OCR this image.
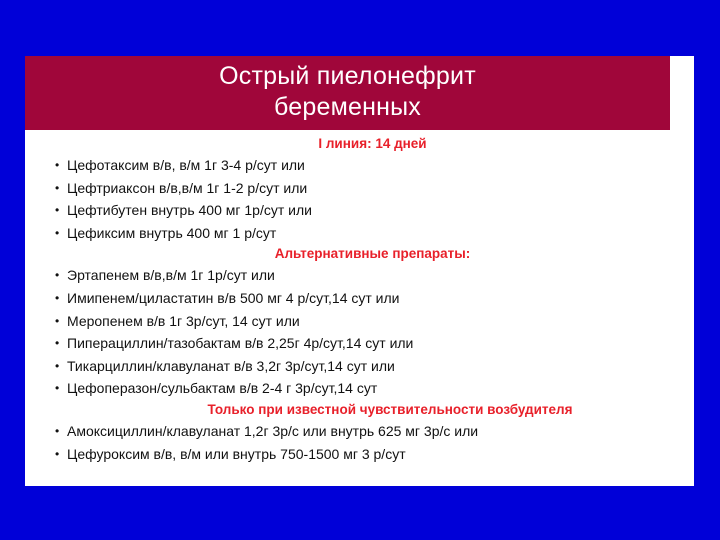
Острый пиелонефрит
беременных
I линия: 14 дней
• Цефотаксим в/в, в/м 1г 3-4 р/сут или
• Цефтриаксон в/в,в/м 1г 1-2 р/сут или
• Цефтибутен внутрь 400 мг 1р/сут или
• Цефиксим внутрь 400 мг 1 р/сут
Альтернативные препараты:
• Эртапенем в/в,в/м 1г 1р/сут или
• Имипенем/циластатин в/в 500 мг 4 р/сут,14 сут или
• Меропенем в/в 1г 3р/сут, 14 сут или
• Пиперациллин/тазобактам в/в 2,25г 4р/сут,14 сут или
• Тикарциллин/клавуланат в/в 3,2г 3р/сут,14 сут или
• Цефоперазон/сульбактам в/в 2-4 г 3р/сут,14 сут
Только при известной чувствительности возбудителя
• Амоксициллин/клавуланат 1,2г 3р/с или внутрь 625 мг 3р/с или
• Цефуроксим в/в, в/м или внутрь 750-1500 мг 3 р/сут
